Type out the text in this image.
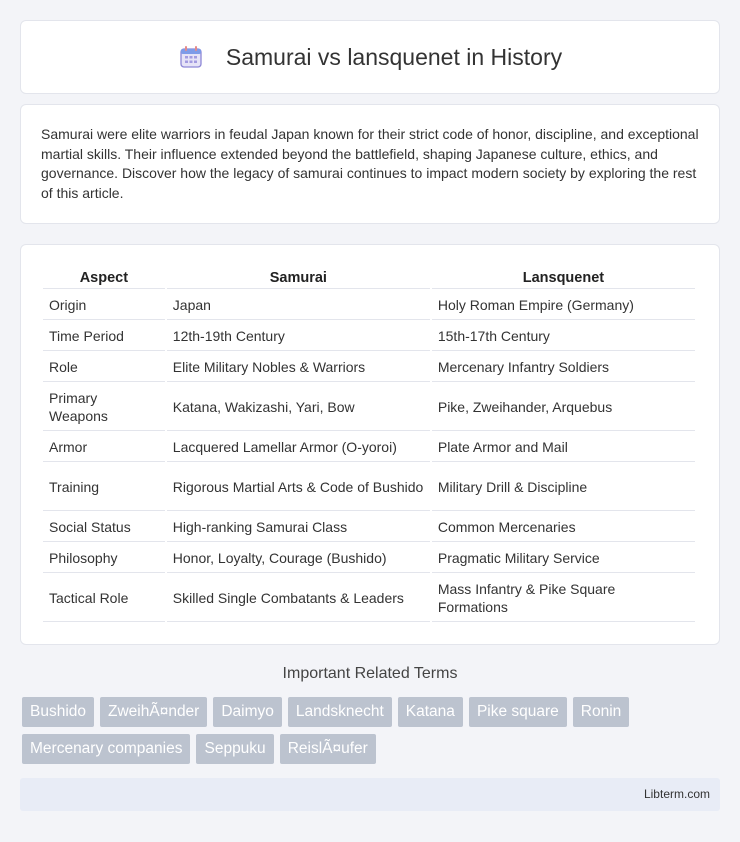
Samurai vs lansquenet in History

Samurai were elite warriors in feudal Japan known for their strict code of honor, discipline, and exceptional martial skills. Their influence extended beyond the battlefield, shaping Japanese culture, ethics, and governance. Discover how the legacy of samurai continues to impact modern society by exploring the rest of this article.

Aspect	Samurai	Lansquenet
Origin	Japan	Holy Roman Empire (Germany)
Time Period	12th-19th Century	15th-17th Century
Role	Elite Military Nobles & Warriors	Mercenary Infantry Soldiers
Primary Weapons	Katana, Wakizashi, Yari, Bow	Pike, Zweihander, Arquebus
Armor	Lacquered Lamellar Armor (O-yoroi)	Plate Armor and Mail
Training	Rigorous Martial Arts & Code of Bushido	Military Drill & Discipline
Social Status	High-ranking Samurai Class	Common Mercenaries
Philosophy	Honor, Loyalty, Courage (Bushido)	Pragmatic Military Service
Tactical Role	Skilled Single Combatants & Leaders	Mass Infantry & Pike Square Formations
Important Related Terms
Bushido	ZweihÃ¤nder	Daimyo	Landsknecht	Katana	Pike square	Ronin
Mercenary companies	Seppuku	ReislÃ¤ufer
Libterm.com
